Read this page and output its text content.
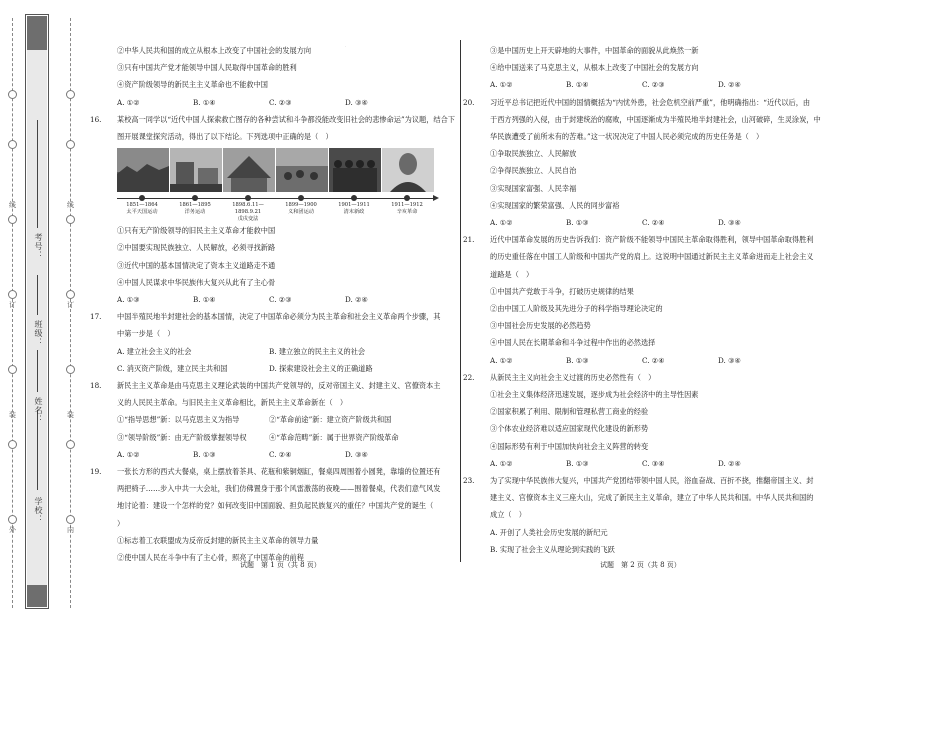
外
装
订
线
内
装
订
线
学校：
姓名：
班级：
考号：
·
②中华人民共和国的成立从根本上改变了中国社会的发展方向
③只有中国共产党才能领导中国人民取得中国革命的胜利
④资产阶级领导的新民主主义革命也不能救中国
A. ①②	B. ①④	C. ②③	D. ③④
16. 某校高一同学以“近代中国人探索救亡图存的各种尝试和斗争都没能改变旧社会的悲惨命运”为议题，结合下
图开展课堂探究活动，得出了以下结论。下列选项中正确的是（　）
1851—1864
太平天国运动
1861—1895
洋务运动
1898.6.11—1898.9.21
戊戌变法
1899—1900
义和团运动
1901—1911
清末新政
1911—1912
辛亥革命
①只有无产阶级领导的旧民主主义革命才能救中国
②中国要实现民族独立、人民解放，必须寻找新路
③近代中国的基本国情决定了资本主义道路走不通
④中国人民谋求中华民族伟大复兴从此有了主心骨
A. ①③	B. ①④	C. ②③	D. ②④
17. 中国半殖民地半封建社会的基本国情，决定了中国革命必须分为民主革命和社会主义革命两个步骤，其
中第一步是（　）
A. 建立社会主义的社会	B. 建立独立的民主主义的社会
C. 消灭资产阶级，建立民主共和国	D. 探索建设社会主义的正确道路
18. 新民主主义革命是由马克思主义理论武装的中国共产党领导的，反对帝国主义、封建主义、官僚资本主
义的人民民主革命。与旧民主主义革命相比，新民主主义革命新在（　）
①“指导思想”新：以马克思主义为指导	②“革命前途”新：建立资产阶级共和国
③“领导阶级”新：由无产阶级掌握领导权	④“革命范畴”新：属于世界资产阶级革命
A. ①②	B. ①③	C. ②④	D. ③④
19. 一张长方形的西式大餐桌，桌上摆放着茶具、花瓶和紫铜烟缸，餐桌四周围着小圆凳，靠墙的位置还有
两把椅子……步入中共一大会址，我们仿佛置身于那个风雷激荡的夜晚——围着餐桌，代表们意气风发
地讨论着：建设一个怎样的党？如何改变旧中国面貌、担负起民族复兴的重任？中国共产党的诞生（
）
①标志着工农联盟成为反帝反封建的新民主主义革命的领导力量
②使中国人民在斗争中有了主心骨，照亮了中国革命的前程
试题　第 1 页（共 8 页）
③是中国历史上开天辟地的大事件，中国革命的面貌从此焕然一新
④给中国送来了马克思主义，从根本上改变了中国社会的发展方向
A. ①②	B. ①④	C. ②③	D. ②④
20. 习近平总书记把近代中国的国情概括为“内忧外患，社会危机空前严重”，他明确指出：“近代以后，由
于西方列强的入侵，由于封建统治的腐败，中国逐渐成为半殖民地半封建社会，山河破碎，生灵涂炭，中
华民族遭受了前所未有的苦难。”这一状况决定了中国人民必须完成的历史任务是（　）
①争取民族独立、人民解放
②争得民族独立、人民自治
③实现国家富强、人民幸福
④实现国家的繁荣富强、人民的同步富裕
A. ①②	B. ①③	C. ②④	D. ③④
21. 近代中国革命发展的历史告诉我们：资产阶级不能领导中国民主革命取得胜利，领导中国革命取得胜利
的历史重任落在中国工人阶级和中国共产党的肩上。这说明中国通过新民主主义革命进而走上社会主义
道路是（　）
①中国共产党敢于斗争，打破历史规律的结果
②由中国工人阶级及其先进分子的科学指导理论决定的
③中国社会历史发展的必然趋势
④中国人民在长期革命和斗争过程中作出的必然选择
A. ①②	B. ①③	C. ②④	D. ③④
22. 从新民主主义向社会主义过渡的历史必然性有（　）
①社会主义集体经济迅速发展，逐步成为社会经济中的主导性因素
②国家积累了利用、限制和管理私营工商业的经验
③个体农业经济难以适应国家现代化建设的新形势
④国际形势有利于中国加快向社会主义阵营的转变
A. ①②	B. ①③	C. ③④	D. ②④
23. 为了实现中华民族伟大复兴，中国共产党团结带领中国人民，浴血奋战、百折不挠，推翻帝国主义、封
建主义、官僚资本主义三座大山，完成了新民主主义革命，建立了中华人民共和国。中华人民共和国的
成立（　）
A. 开创了人类社会历史发展的新纪元
B. 实现了社会主义从理论到实践的飞跃
试题　第 2 页（共 8 页）
